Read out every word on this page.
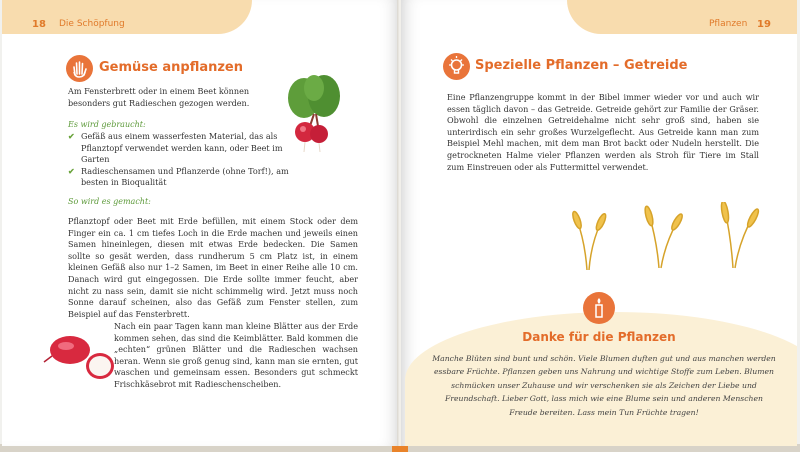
18 Die Schöpfung
Gemüse anpflanzen

Am Fensterbrett oder in einem Beet können besonders gut Radieschen gezogen werden.

Es wird gebraucht:
✔ Gefäß aus einem wasserfesten Material, das als Pflanztopf verwendet werden kann, oder Beet im Garten
✔ Radieschensamen und Pflanzerde (ohne Torf!), am besten in Bioqualität
So wird es gemacht:

Pflanztopf oder Beet mit Erde befüllen, mit einem Stock oder dem Finger ein ca. 1 cm tiefes Loch in die Erde machen und jeweils einen Samen hineinlegen, diesen mit etwas Erde bedecken. Die Samen sollte so gesät werden, dass rundherum 5 cm Platz ist, in einem kleinen Gefäß also nur 1–2 Samen, im Beet in einer Reihe alle 10 cm. Danach wird gut eingegossen. Die Erde sollte immer feucht, aber nicht zu nass sein, damit sie nicht schimmelig wird. Jetzt muss noch Sonne darauf scheinen, also das Gefäß zum Fenster stellen, zum Beispiel auf das Fensterbrett.

Nach ein paar Tagen kann man kleine Blätter aus der Erde kommen sehen, das sind die Keimblätter. Bald kommen die „echten“ grünen Blätter und die Radieschen wachsen heran. Wenn sie groß genug sind, kann man sie ernten, gut waschen und gemeinsam essen. Besonders gut schmeckt Frischkäsebrot mit Radieschenscheiben.

Pflanzen 19
Spezielle Pflanzen – Getreide

Eine Pflanzengruppe kommt in der Bibel immer wieder vor und auch wir essen täglich davon – das Getreide. Getreide gehört zur Familie der Gräser. Obwohl die einzelnen Getreidehalme nicht sehr groß sind, haben sie unterirdisch ein sehr großes Wurzelgeflecht. Aus Getreide kann man zum Beispiel Mehl machen, mit dem man Brot backt oder Nudeln herstellt. Die getrockneten Halme vieler Pflanzen werden als Stroh für Tiere im Stall zum Einstreuen oder als Futtermittel verwendet.

Danke für die Pflanzen

Manche Blüten sind bunt und schön. Viele Blumen duften gut und aus manchen werden essbare Früchte. Pflanzen geben uns Nahrung und wichtige Stoffe zum Leben. Blumen schmücken unser Zuhause und wir verschenken sie als Zeichen der Liebe und Freundschaft. Lieber Gott, lass mich wie eine Blume sein und anderen Menschen Freude bereiten. Lass mein Tun Früchte tragen!
